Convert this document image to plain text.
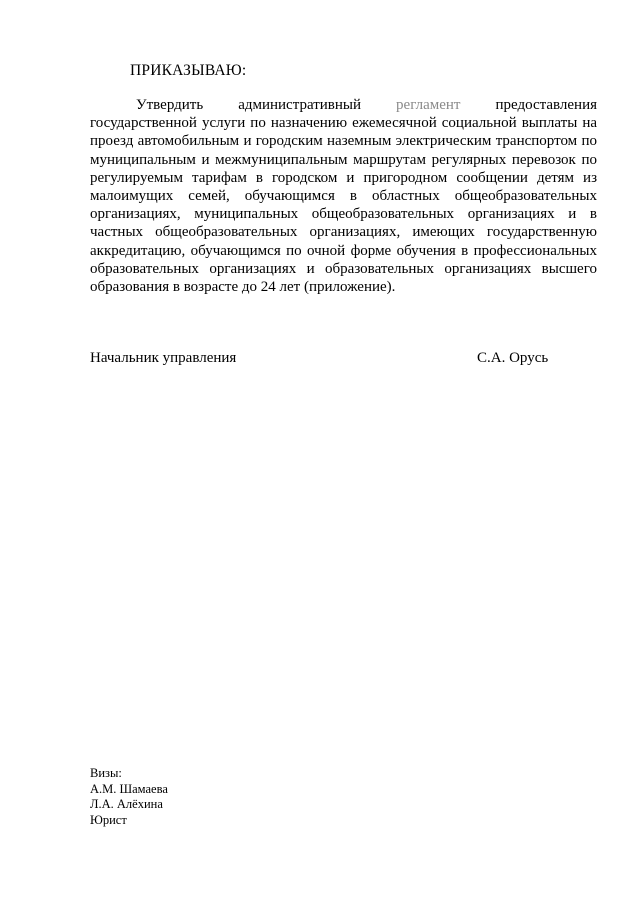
ПРИКАЗЫВАЮ:

Утвердить административный регламент предоставления государственной услуги по назначению ежемесячной социальной выплаты на проезд автомобильным и городским наземным электрическим транспортом по муниципальным и межмуниципальным маршрутам регулярных перевозок по регулируемым тарифам в городском и пригородном сообщении детям из малоимущих семей, обучающимся в областных общеобразовательных организациях, муниципальных общеобразовательных организациях и в частных общеобразовательных организациях, имеющих государственную аккредитацию, обучающимся по очной форме обучения в профессиональных образовательных организациях и образовательных организациях высшего образования в возрасте до 24 лет (приложение).

Начальник управления	С.А. Орусь
Визы:
А.М. Шамаева
Л.А. Алёхина
Юрист
